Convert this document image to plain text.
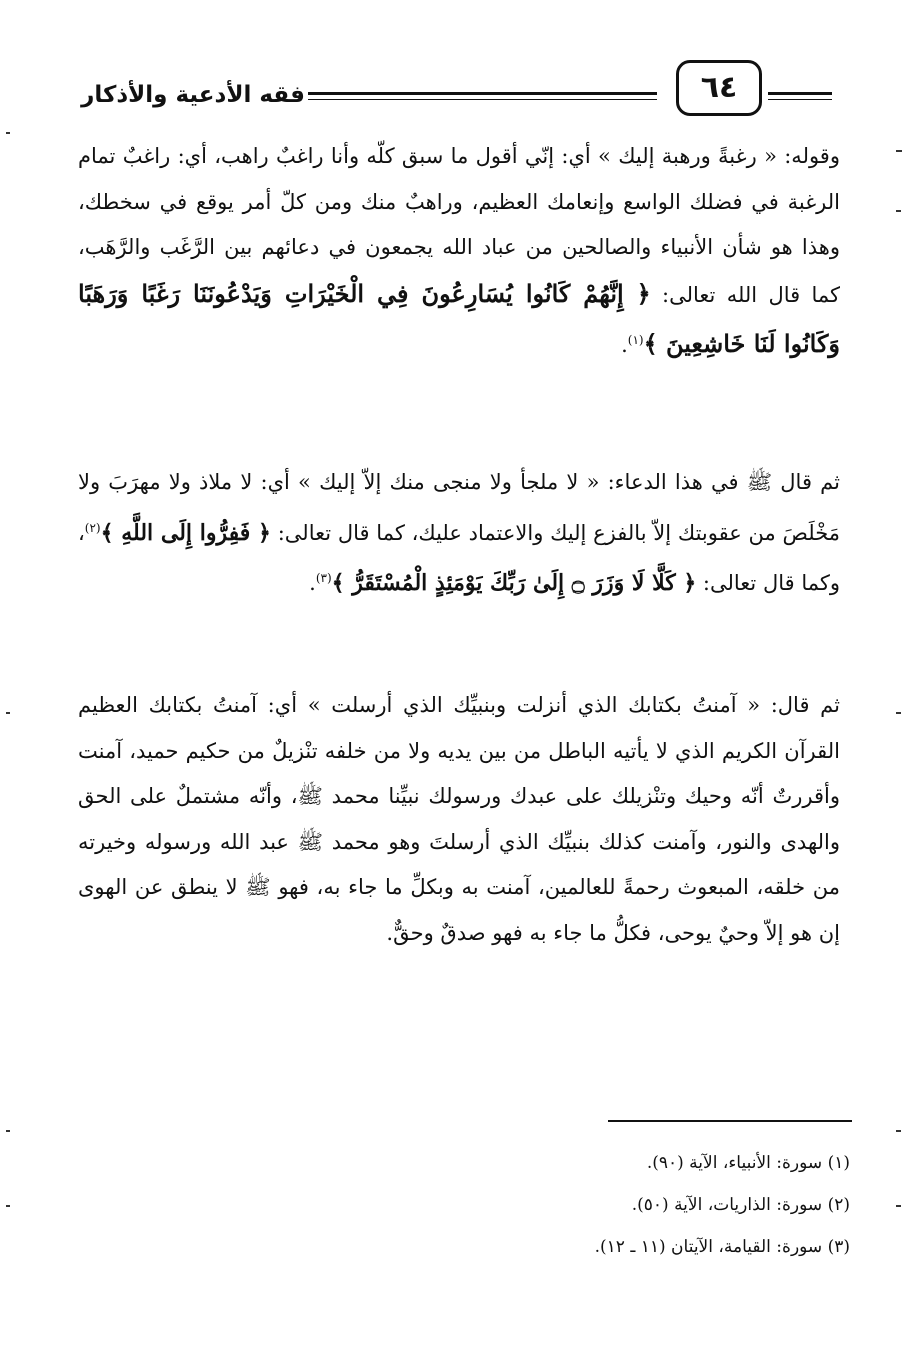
فقه الأدعية والأذكار	٦٤

وقوله: « رغبةً ورهبة إليك » أي: إنّي أقول ما سبق كلّه وأنا راغبٌ راهب، أي: راغبٌ تمام الرغبة في فضلك الواسع وإنعامك العظيم، وراهبٌ منك ومن كلّ أمر يوقع في سخطك، وهذا هو شأن الأنبياء والصالحين من عباد الله يجمعون في دعائهم بين الرَّغَب والرَّهَب، كما قال الله تعالى: ﴿ إِنَّهُمْ كَانُوا يُسَارِعُونَ فِي الْخَيْرَاتِ وَيَدْعُونَنَا رَغَبًا وَرَهَبًا وَكَانُوا لَنَا خَاشِعِينَ ﴾$^{(١)}$.

ثم قال ﷺ في هذا الدعاء: « لا ملجأ ولا منجى منك إلاّ إليك » أي: لا ملاذ ولا مهرَبَ ولا مَخْلَصَ من عقوبتك إلاّ بالفزع إليك والاعتماد عليك، كما قال تعالى: ﴿ فَفِرُّوا إِلَى اللَّهِ ﴾$^{(٢)}$، وكما قال تعالى: ﴿ كَلَّا لَا وَزَرَ ۝ إِلَىٰ رَبِّكَ يَوْمَئِذٍ الْمُسْتَقَرُّ ﴾$^{(٣)}$.

ثم قال: « آمنتُ بكتابك الذي أنزلت وبنبيِّك الذي أرسلت » أي: آمنتُ بكتابك العظيم القرآن الكريم الذي لا يأتيه الباطل من بين يديه ولا من خلفه تنْزيلٌ من حكيم حميد، آمنت وأقررتٌ أنّه وحيك وتنْزيلك على عبدك ورسولك نبيِّنا محمد ﷺ، وأنّه مشتملٌ على الحق والهدى والنور، وآمنت كذلك بنبيِّك الذي أرسلتَ وهو محمد ﷺ عبد الله ورسوله وخيرته من خلقه، المبعوث رحمةً للعالمين، آمنت به وبكلِّ ما جاء به، فهو ﷺ لا ينطق عن الهوى إن هو إلاّ وحيٌ يوحى، فكلُّ ما جاء به فهو صدقٌ وحقٌّ.

(١) سورة: الأنبياء، الآية (٩٠).
(٢) سورة: الذاريات، الآية (٥٠).
(٣) سورة: القيامة، الآيتان (١١ ـ ١٢).
